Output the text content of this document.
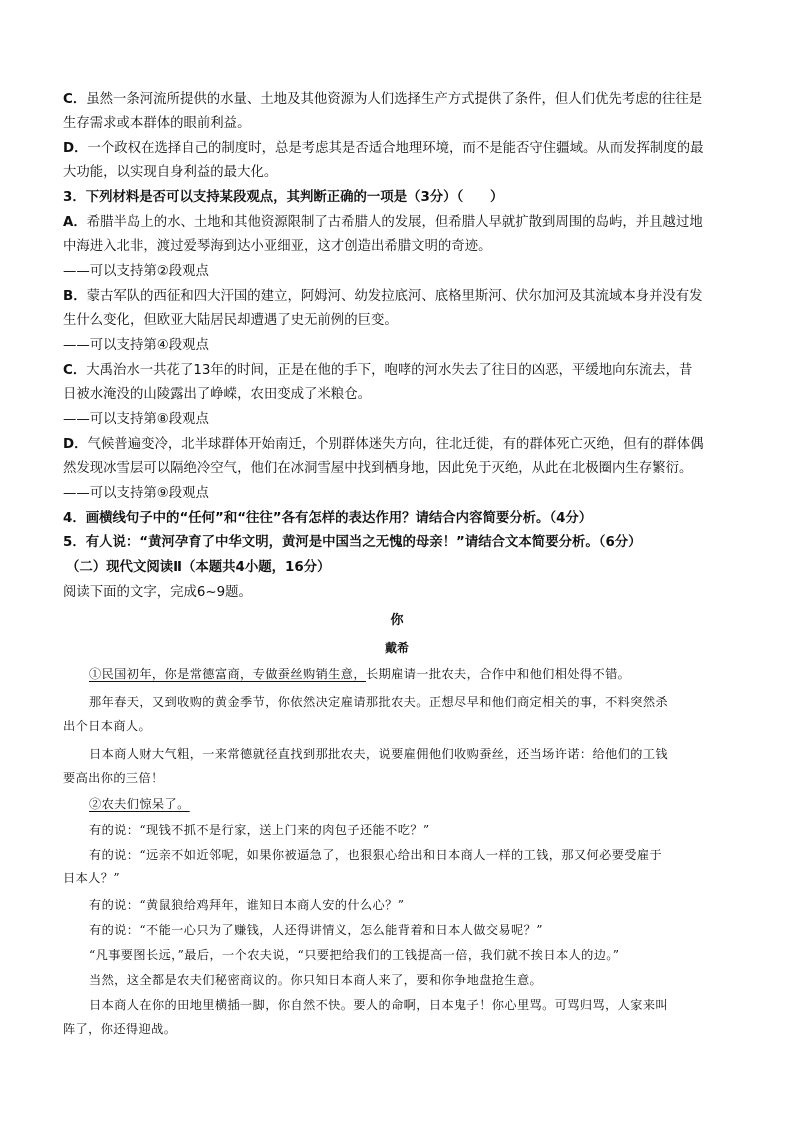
C．虽然一条河流所提供的水量、土地及其他资源为人们选择生产方式提供了条件，但人们优先考虑的往往是
生存需求或本群体的眼前利益。
D．一个政权在选择自己的制度时，总是考虑其是否适合地理环境，而不是能否守住疆域。从而发挥制度的最
大功能，以实现自身利益的最大化。
3．下列材料是否可以支持某段观点，其判断正确的一项是（3分）（　　）
A．希腊半岛上的水、土地和其他资源限制了古希腊人的发展，但希腊人早就扩散到周围的岛屿，并且越过地
中海进入北非，渡过爱琴海到达小亚细亚，这才创造出希腊文明的奇迹。
——可以支持第②段观点
B．蒙古军队的西征和四大汗国的建立，阿姆河、幼发拉底河、底格里斯河、伏尔加河及其流域本身并没有发
生什么变化，但欧亚大陆居民却遭遇了史无前例的巨变。
——可以支持第④段观点
C．大禹治水一共花了13年的时间，正是在他的手下，咆哮的河水失去了往日的凶恶，平缓地向东流去，昔
日被水淹没的山陵露出了峥嵘，农田变成了米粮仓。
——可以支持第⑧段观点
D．气候普遍变冷，北半球群体开始南迁，个别群体迷失方向，往北迁徙，有的群体死亡灭绝，但有的群体偶
然发现冰雪层可以隔绝冷空气，他们在冰洞雪屋中找到栖身地，因此免于灭绝，从此在北极圈内生存繁衍。
——可以支持第⑨段观点
4．画横线句子中的“任何”和“往往”各有怎样的表达作用？请结合内容简要分析。（4分）
5．有人说：“黄河孕育了中华文明，黄河是中国当之无愧的母亲！”请结合文本简要分析。（6分）
（二）现代文阅读Ⅱ（本题共4小题，16分）
阅读下面的文字，完成6~9题。
你
戴希
①民国初年，你是常德富商，专做蚕丝购销生意，长期雇请一批农夫，合作中和他们相处得不错。
那年春天，又到收购的黄金季节，你依然决定雇请那批农夫。正想尽早和他们商定相关的事，不料突然杀
出个日本商人。
日本商人财大气粗，一来常德就径直找到那批农夫，说要雇佣他们收购蚕丝，还当场许诺：给他们的工钱
要高出你的三倍！
②农夫们惊呆了。
有的说：“现钱不抓不是行家，送上门来的肉包子还能不吃？”
有的说：“远亲不如近邻呢，如果你被逼急了，也狠狠心给出和日本商人一样的工钱，那又何必要受雇于
日本人？”
有的说：“黄鼠狼给鸡拜年，谁知日本商人安的什么心？”
有的说：“不能一心只为了赚钱，人还得讲情义，怎么能背着和日本人做交易呢？”
“凡事要图长远，”最后，一个农夫说，“只要把给我们的工钱提高一倍，我们就不挨日本人的边。”
当然，这全都是农夫们秘密商议的。你只知日本商人来了，要和你争地盘抢生意。
日本商人在你的田地里横插一脚，你自然不快。要人的命啊，日本鬼子！你心里骂。可骂归骂，人家来叫
阵了，你还得迎战。
